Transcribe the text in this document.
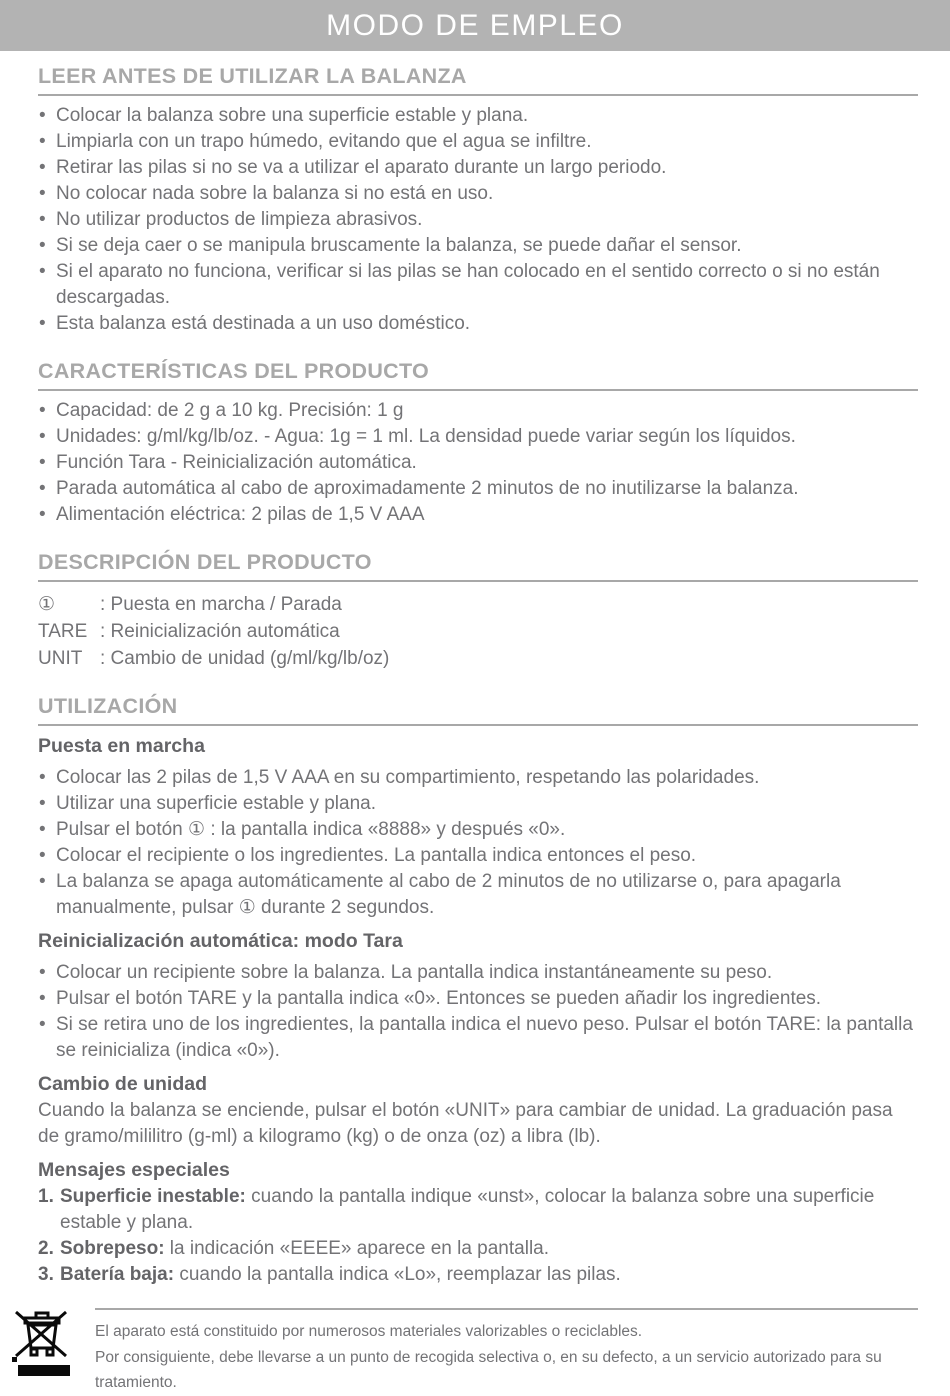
MODO DE EMPLEO
LEER ANTES DE UTILIZAR LA BALANZA
• Colocar la balanza sobre una superficie estable y plana.
• Limpiarla con un trapo húmedo, evitando que el agua se infiltre.
• Retirar las pilas si no se va a utilizar el aparato durante un largo periodo.
• No colocar nada sobre la balanza si no está en uso.
• No utilizar productos de limpieza abrasivos.
• Si se deja caer o se manipula bruscamente la balanza, se puede dañar el sensor.
• Si el aparato no funciona, verificar si las pilas se han colocado en el sentido correcto o si no están descargadas.
• Esta balanza está destinada a un uso doméstico.
CARACTERÍSTICAS DEL PRODUCTO
• Capacidad: de 2 g a 10 kg. Precisión: 1 g
• Unidades: g/ml/kg/lb/oz. - Agua: 1g = 1 ml. La densidad puede variar según los líquidos.
• Función Tara - Reinicialización automática.
• Parada automática al cabo de aproximadamente 2 minutos de no inutilizarse la balanza.
• Alimentación eléctrica: 2 pilas de 1,5 V AAA
DESCRIPCIÓN DEL PRODUCTO
①	: Puesta en marcha / Parada
TARE : Reinicialización automática
UNIT : Cambio de unidad (g/ml/kg/lb/oz)
UTILIZACIÓN
Puesta en marcha
• Colocar las 2 pilas de 1,5 V AAA en su compartimiento, respetando las polaridades.
• Utilizar una superficie estable y plana.
• Pulsar el botón ① : la pantalla indica «8888» y después «0».
• Colocar el recipiente o los ingredientes. La pantalla indica entonces el peso.
• La balanza se apaga automáticamente al cabo de 2 minutos de no utilizarse o, para apagarla manualmente, pulsar ① durante 2 segundos.
Reinicialización automática: modo Tara
• Colocar un recipiente sobre la balanza. La pantalla indica instantáneamente su peso.
• Pulsar el botón TARE y la pantalla indica «0». Entonces se pueden añadir los ingredientes.
• Si se retira uno de los ingredientes, la pantalla indica el nuevo peso. Pulsar el botón TARE: la pantalla se reinicializa (indica «0»).
Cambio de unidad

Cuando la balanza se enciende, pulsar el botón «UNIT» para cambiar de unidad. La graduación pasa de gramo/mililitro (g-ml) a kilogramo (kg) o de onza (oz) a libra (lb).

Mensajes especiales
1. Superficie inestable: cuando la pantalla indique «unst», colocar la balanza sobre una superficie estable y plana.
2. Sobrepeso: la indicación «EEEE» aparece en la pantalla.
3. Batería baja: cuando la pantalla indica «Lo», reemplazar las pilas.

El aparato está constituido por numerosos materiales valorizables o reciclables.

Por consiguiente, debe llevarse a un punto de recogida selectiva o, en su defecto, a un servicio autorizado para su tratamiento.
